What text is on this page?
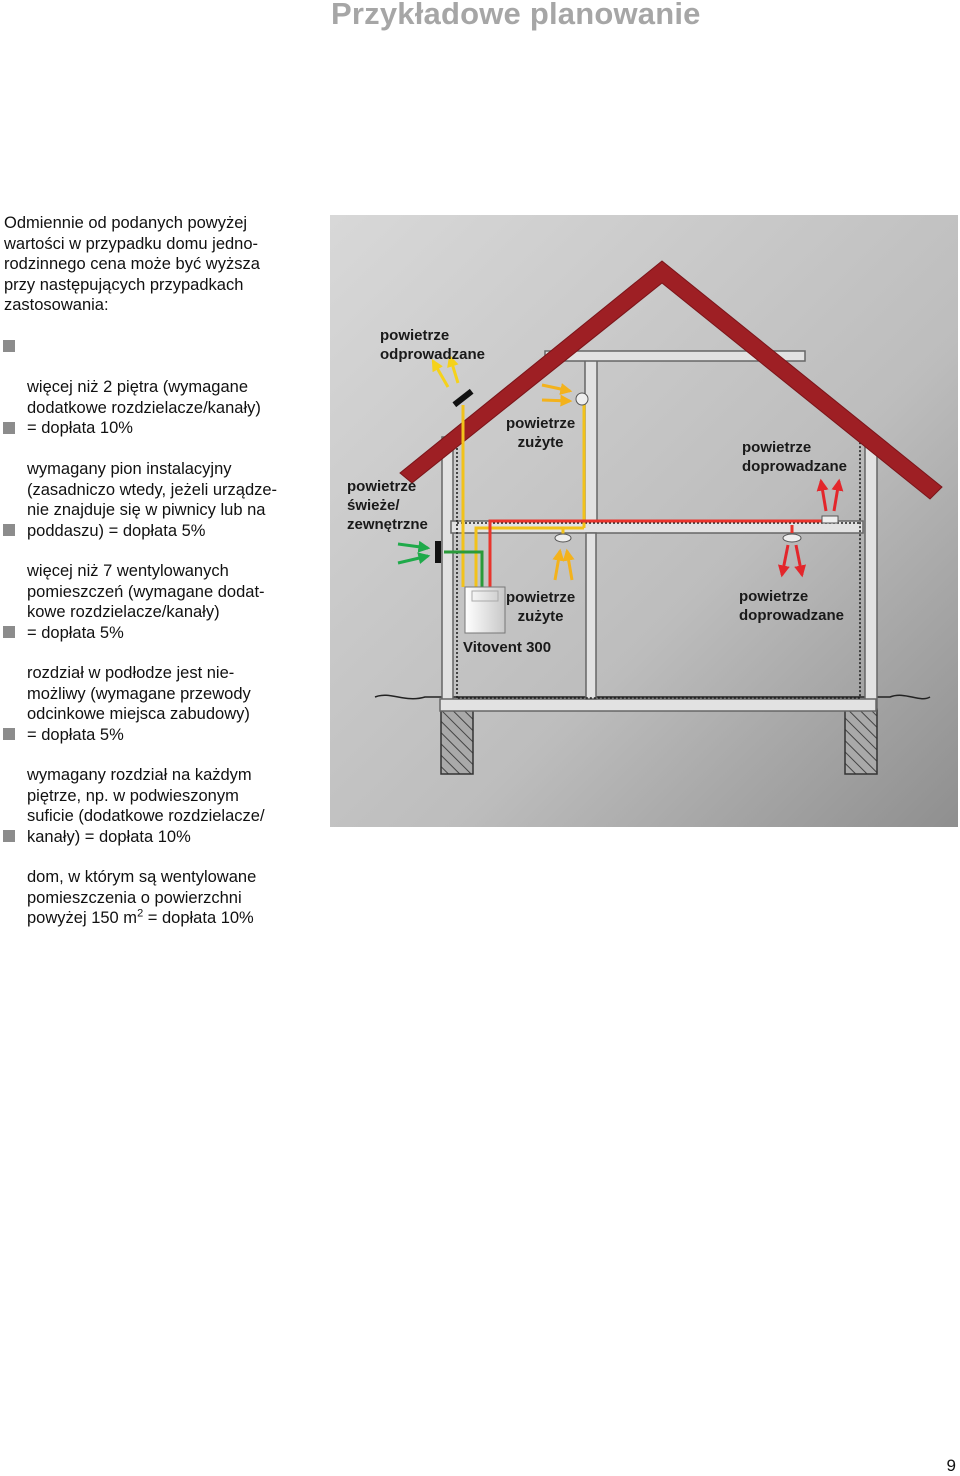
Przykładowe planowanie

Odmiennie od podanych powyżej
wartości w przypadku domu jedno-
rodzinnego cena może być wyższa
przy następujących przypadkach
zastosowania:

więcej niż 2 piętra (wymagane
dodatkowe rozdzielacze/kanały)
= dopłata 10%

wymagany pion instalacyjny
(zasadniczo wtedy, jeżeli urządze-
nie znajduje się w piwnicy lub na
poddaszu) = dopłata 5%

więcej niż 7 wentylowanych
pomieszczeń (wymagane dodat-
kowe rozdzielacze/kanały)
= dopłata 5%

rozdział w podłodze jest nie-
możliwy (wymagane przewody
odcinkowe miejsca zabudowy)
= dopłata 5%

wymagany rozdział na każdym
piętrze, np. w podwieszonym
suficie (dodatkowe rozdzielacze/
kanały) = dopłata 10%

dom, w którym są wentylowane
pomieszczenia o powierzchni
powyżej 150 $m^2$ = dopłata 10%

powietrze
odprowadzane

powietrze
świeże/
zewnętrzne

powietrze
zużyte	powietrze
doprowadzane

powietrze
zużyte

powietrze
doprowadzane

Vitovent 300

9
